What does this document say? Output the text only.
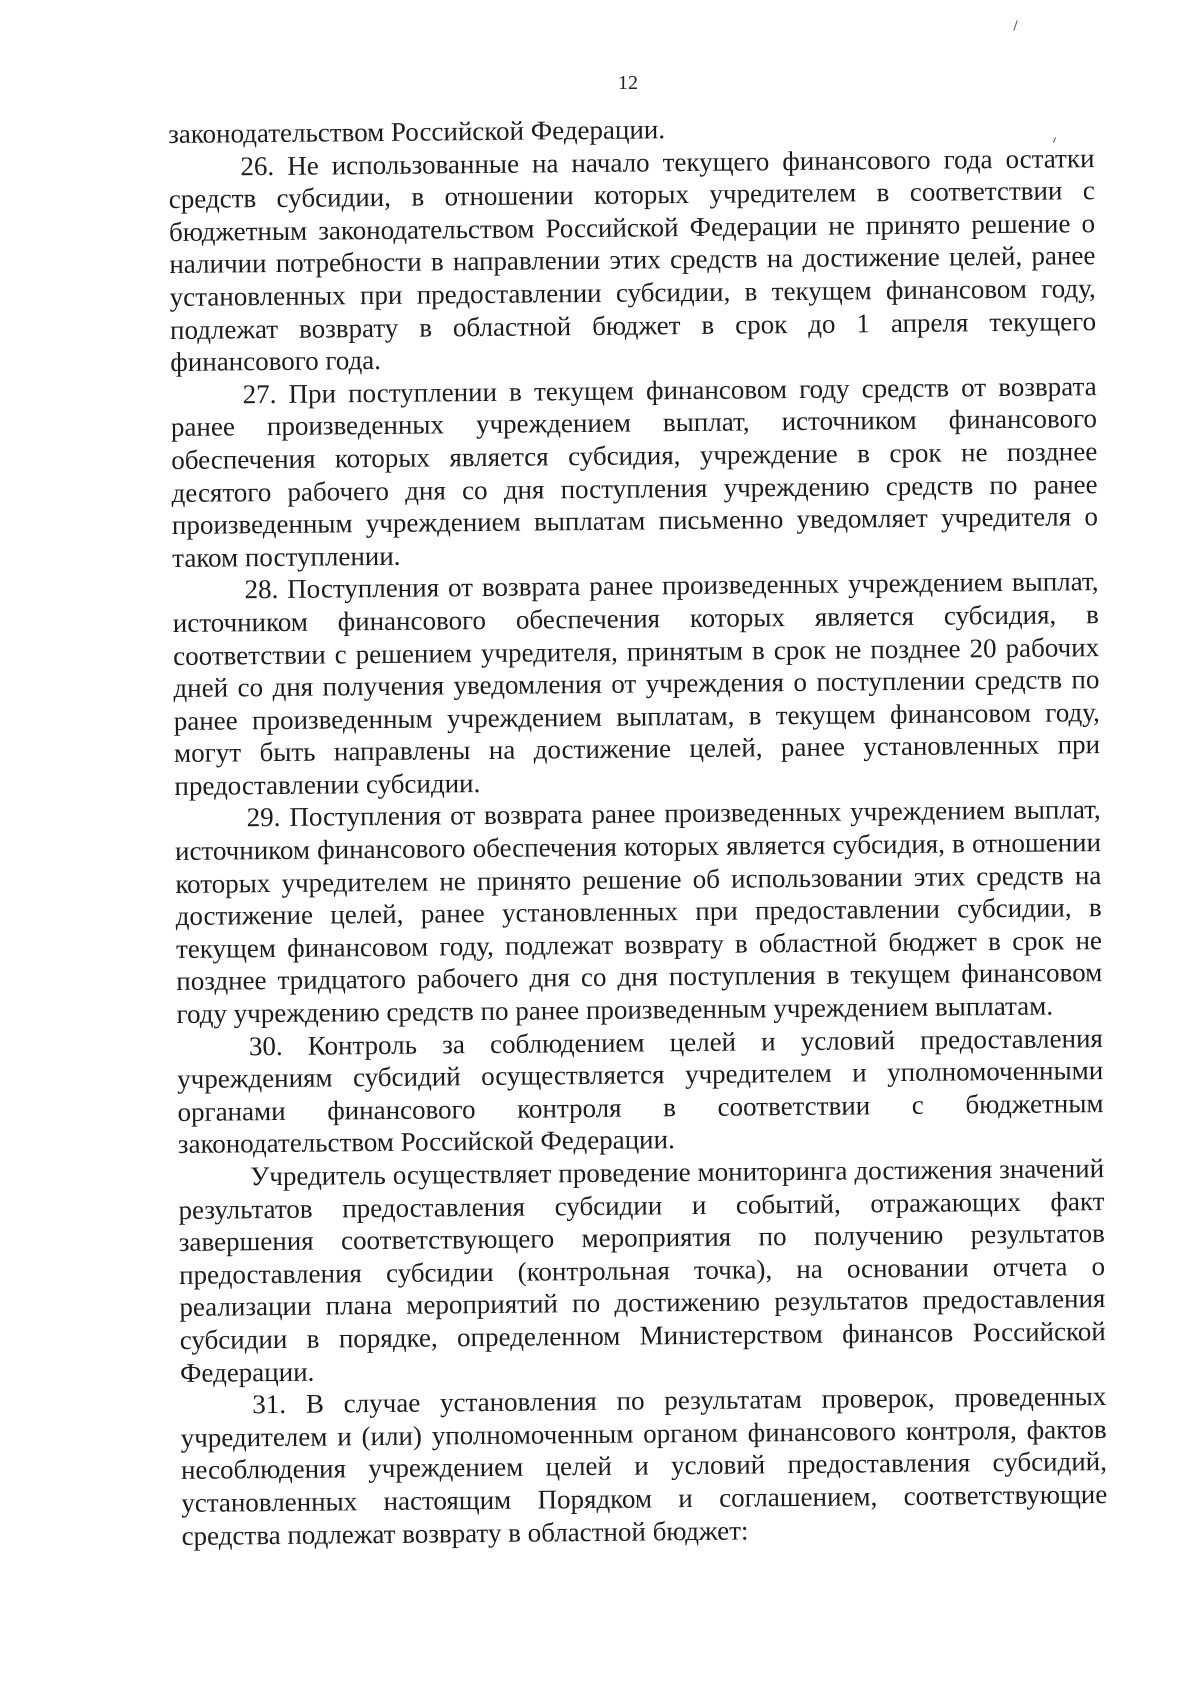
12

законодательством Российской Федерации.

26. Не использованные на начало текущего финансового года остатки средств субсидии, в отношении которых учредителем в соответствии с бюджетным законодательством Российской Федерации не принято решение о наличии потребности в направлении этих средств на достижение целей, ранее установленных при предоставлении субсидии, в текущем финансовом году, подлежат возврату в областной бюджет в срок до 1 апреля текущего финансового года.

27. При поступлении в текущем финансовом году средств от возврата ранее произведенных учреждением выплат, источником финансового обеспечения которых является субсидия, учреждение в срок не позднее десятого рабочего дня со дня поступления учреждению средств по ранее произведенным учреждением выплатам письменно уведомляет учредителя о таком поступлении.

28. Поступления от возврата ранее произведенных учреждением выплат, источником финансового обеспечения которых является субсидия, в соответствии с решением учредителя, принятым в срок не позднее 20 рабочих дней со дня получения уведомления от учреждения о поступлении средств по ранее произведенным учреждением выплатам, в текущем финансовом году, могут быть направлены на достижение целей, ранее установленных при предоставлении субсидии.

29. Поступления от возврата ранее произведенных учреждением выплат, источником финансового обеспечения которых является субсидия, в отношении которых учредителем не принято решение об использовании этих средств на достижение целей, ранее установленных при предоставлении субсидии, в текущем финансовом году, подлежат возврату в областной бюджет в срок не позднее тридцатого рабочего дня со дня поступления в текущем финансовом году учреждению средств по ранее произведенным учреждением выплатам.

30. Контроль за соблюдением целей и условий предоставления учреждениям субсидий осуществляется учредителем и уполномоченными органами финансового контроля в соответствии с бюджетным законодательством Российской Федерации.

Учредитель осуществляет проведение мониторинга достижения значений результатов предоставления субсидии и событий, отражающих факт завершения соответствующего мероприятия по получению результатов предоставления субсидии (контрольная точка), на основании отчета о реализации плана мероприятий по достижению результатов предоставления субсидии в порядке, определенном Министерством финансов Российской Федерации.

31. В случае установления по результатам проверок, проведенных учредителем и (или) уполномоченным органом финансового контроля, фактов несоблюдения учреждением целей и условий предоставления субсидий, установленных настоящим Порядком и соглашением, соответствующие средства подлежат возврату в областной бюджет:
